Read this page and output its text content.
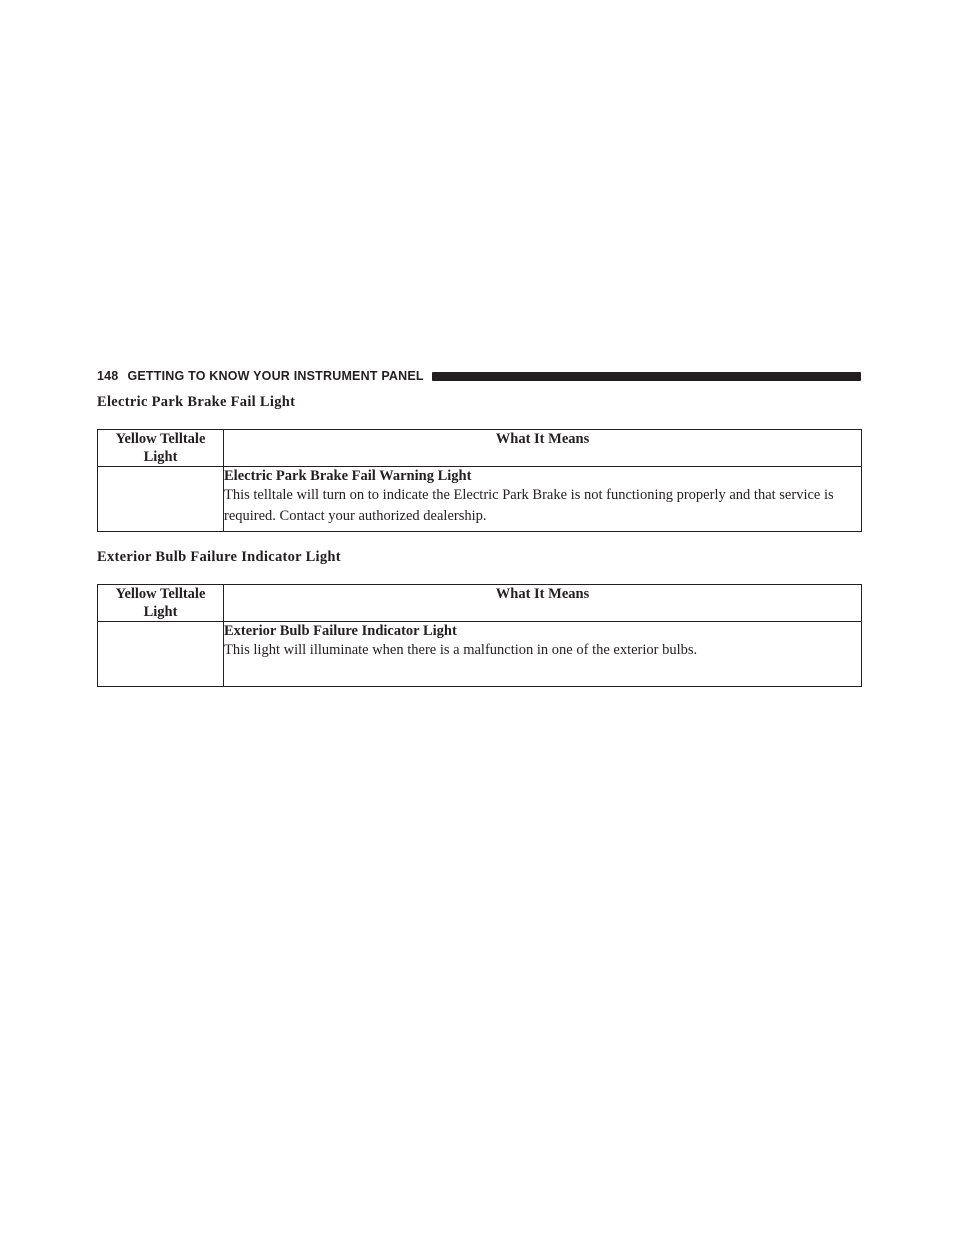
148 GETTING TO KNOW YOUR INSTRUMENT PANEL
Electric Park Brake Fail Light
Yellow Telltale Light	What It Means

	Electric Park Brake Fail Warning Light
This telltale will turn on to indicate the Electric Park Brake is not functioning properly and that service is required. Contact your authorized dealership.
Exterior Bulb Failure Indicator Light
Yellow Telltale Light	What It Means

	Exterior Bulb Failure Indicator Light
This light will illuminate when there is a malfunction in one of the exterior bulbs.
